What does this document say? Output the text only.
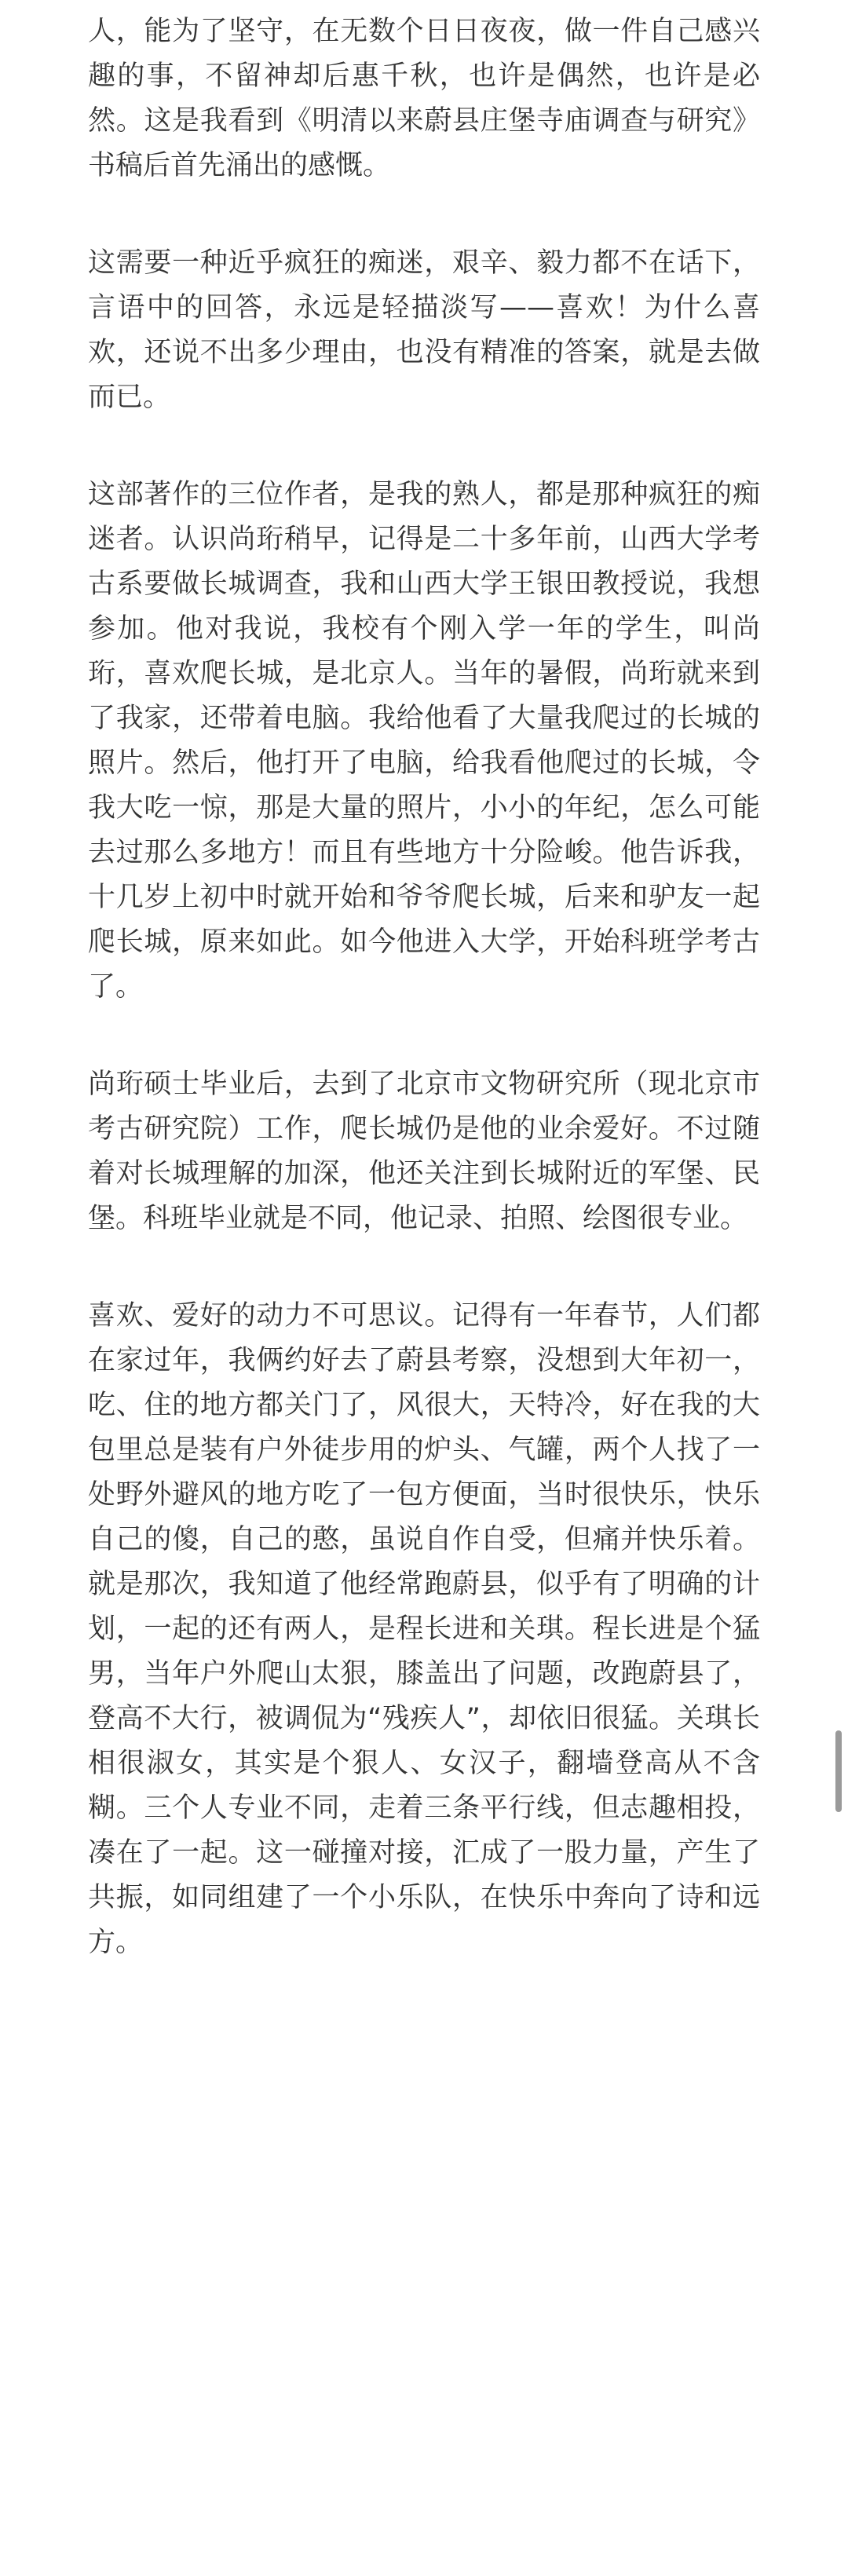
人，能为了坚守，在无数个日日夜夜，做一件自己感兴趣的事，不留神却后惠千秋，也许是偶然，也许是必然。这是我看到《明清以来蔚县庄堡寺庙调查与研究》书稿后首先涌出的感慨。

这需要一种近乎疯狂的痴迷，艰辛、毅力都不在话下，言语中的回答，永远是轻描淡写——喜欢！为什么喜欢，还说不出多少理由，也没有精准的答案，就是去做而已。

这部著作的三位作者，是我的熟人，都是那种疯狂的痴迷者。认识尚珩稍早，记得是二十多年前，山西大学考古系要做长城调查，我和山西大学王银田教授说，我想参加。他对我说，我校有个刚入学一年的学生，叫尚珩，喜欢爬长城，是北京人。当年的暑假，尚珩就来到了我家，还带着电脑。我给他看了大量我爬过的长城的照片。然后，他打开了电脑，给我看他爬过的长城，令我大吃一惊，那是大量的照片，小小的年纪，怎么可能去过那么多地方！而且有些地方十分险峻。他告诉我，十几岁上初中时就开始和爷爷爬长城，后来和驴友一起爬长城，原来如此。如今他进入大学，开始科班学考古了。

尚珩硕士毕业后，去到了北京市文物研究所（现北京市考古研究院）工作，爬长城仍是他的业余爱好。不过随着对长城理解的加深，他还关注到长城附近的军堡、民堡。科班毕业就是不同，他记录、拍照、绘图很专业。

喜欢、爱好的动力不可思议。记得有一年春节，人们都在家过年，我俩约好去了蔚县考察，没想到大年初一，吃、住的地方都关门了，风很大，天特冷，好在我的大包里总是装有户外徒步用的炉头、气罐，两个人找了一处野外避风的地方吃了一包方便面，当时很快乐，快乐自己的傻，自己的憨，虽说自作自受，但痛并快乐着。就是那次，我知道了他经常跑蔚县，似乎有了明确的计划，一起的还有两人，是程长进和关琪。程长进是个猛男，当年户外爬山太狠，膝盖出了问题，改跑蔚县了，登高不大行，被调侃为“残疾人”，却依旧很猛。关琪长相很淑女，其实是个狠人、女汉子，翻墙登高从不含糊。三个人专业不同，走着三条平行线，但志趣相投，凑在了一起。这一碰撞对接，汇成了一股力量，产生了共振，如同组建了一个小乐队，在快乐中奔向了诗和远方。
